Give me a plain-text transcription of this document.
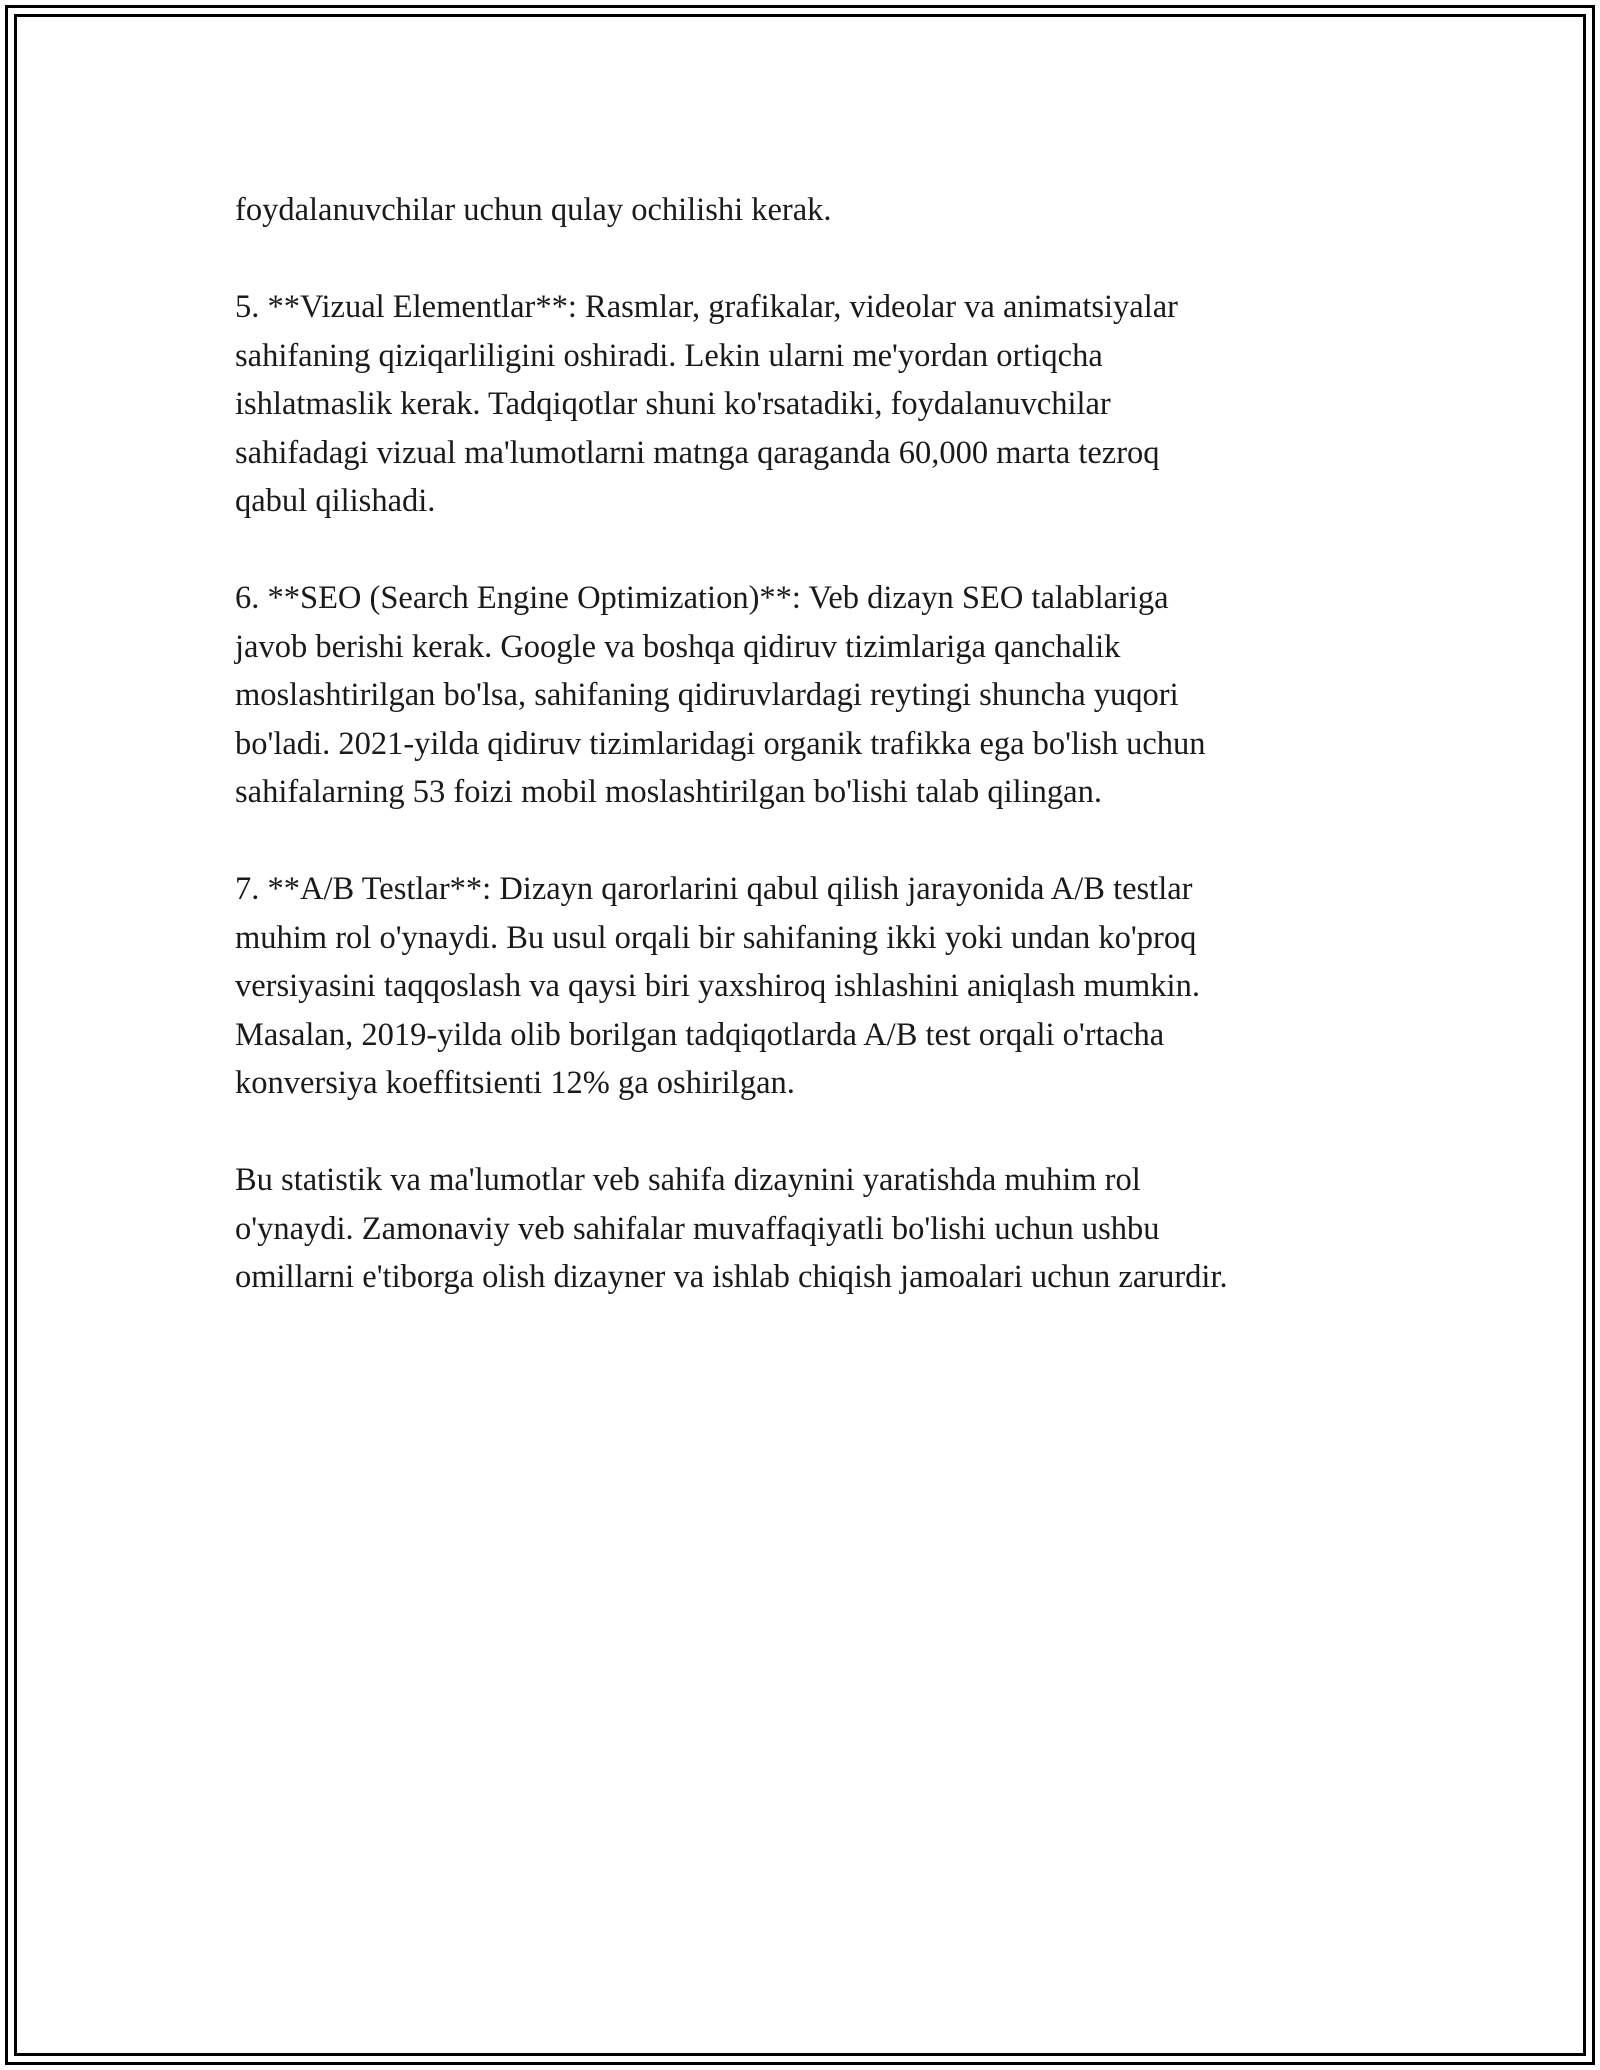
foydalanuvchilar uchun qulay ochilishi kerak.

5. **Vizual Elementlar**: Rasmlar, grafikalar, videolar va animatsiyalar
sahifaning qiziqarliligini oshiradi. Lekin ularni me'yordan ortiqcha
ishlatmaslik kerak. Tadqiqotlar shuni ko'rsatadiki, foydalanuvchilar
sahifadagi vizual ma'lumotlarni matnga qaraganda 60,000 marta tezroq
qabul qilishadi.

6. **SEO (Search Engine Optimization)**: Veb dizayn SEO talablariga
javob berishi kerak. Google va boshqa qidiruv tizimlariga qanchalik
moslashtirilgan bo'lsa, sahifaning qidiruvlardagi reytingi shuncha yuqori
bo'ladi. 2021-yilda qidiruv tizimlaridagi organik trafikka ega bo'lish uchun
sahifalarning 53 foizi mobil moslashtirilgan bo'lishi talab qilingan.

7. **A/B Testlar**: Dizayn qarorlarini qabul qilish jarayonida A/B testlar
muhim rol o'ynaydi. Bu usul orqali bir sahifaning ikki yoki undan ko'proq
versiyasini taqqoslash va qaysi biri yaxshiroq ishlashini aniqlash mumkin.
Masalan, 2019-yilda olib borilgan tadqiqotlarda A/B test orqali o'rtacha
konversiya koeffitsienti 12% ga oshirilgan.

Bu statistik va ma'lumotlar veb sahifa dizaynini yaratishda muhim rol
o'ynaydi. Zamonaviy veb sahifalar muvaffaqiyatli bo'lishi uchun ushbu
omillarni e'tiborga olish dizayner va ishlab chiqish jamoalari uchun zarurdir.
